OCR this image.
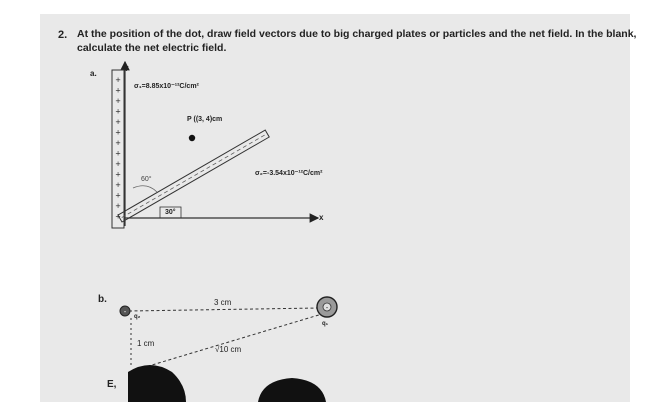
2. At the position of the dot, draw field vectors due to big charged plates or particles and the net field. In the blank, calculate the net electric field.
a.	Y
x
σ₁=8.85x10⁻¹²C/cm²
P ((3, 4)cm
60°
30°
σ₂=-3.54x10⁻¹²C/cm²
b.	3 cm
1 cm
√10 cm
q₁
q₂
E,
+
+
+
+
+
+
+
+
+
+
+
+
+
+
-	-
